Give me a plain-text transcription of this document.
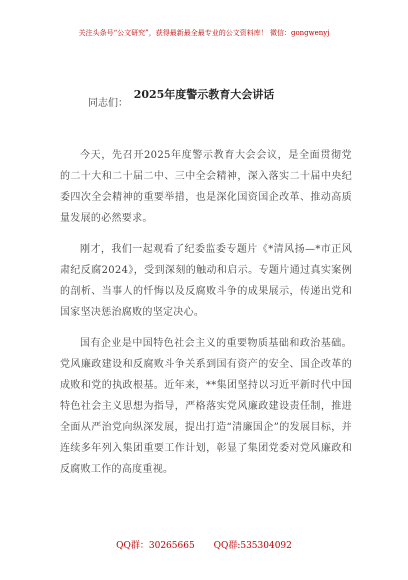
关注头条号“公文研究”，获得最新最全最专业的公文资料库！ 微信：gongwenyj
2025年度警示教育大会讲话
同志们：

今天，先召开2025年度警示教育大会会议，是全面贯彻党的二十大和二十届二中、三中全会精神，深入落实二十届中央纪委四次全会精神的重要举措，也是深化国资国企改革、推动高质量发展的必然要求。

刚才，我们一起观看了纪委监委专题片《*清风扬—*市正风肃纪反腐2024》，受到深刻的触动和启示。专题片通过真实案例的剖析、当事人的忏悔以及反腐败斗争的成果展示，传递出党和国家坚决惩治腐败的坚定决心。

国有企业是中国特色社会主义的重要物质基础和政治基础。党风廉政建设和反腐败斗争关系到国有资产的安全、国企改革的成败和党的执政根基。近年来，**集团坚持以习近平新时代中国特色社会主义思想为指导，严格落实党风廉政建设责任制，推进全面从严治党向纵深发展，提出打造“清廉国企”的发展目标，并连续多年列入集团重要工作计划，彰显了集团党委对党风廉政和反腐败工作的高度重视。

QQ群：30265665 QQ群:535304092
